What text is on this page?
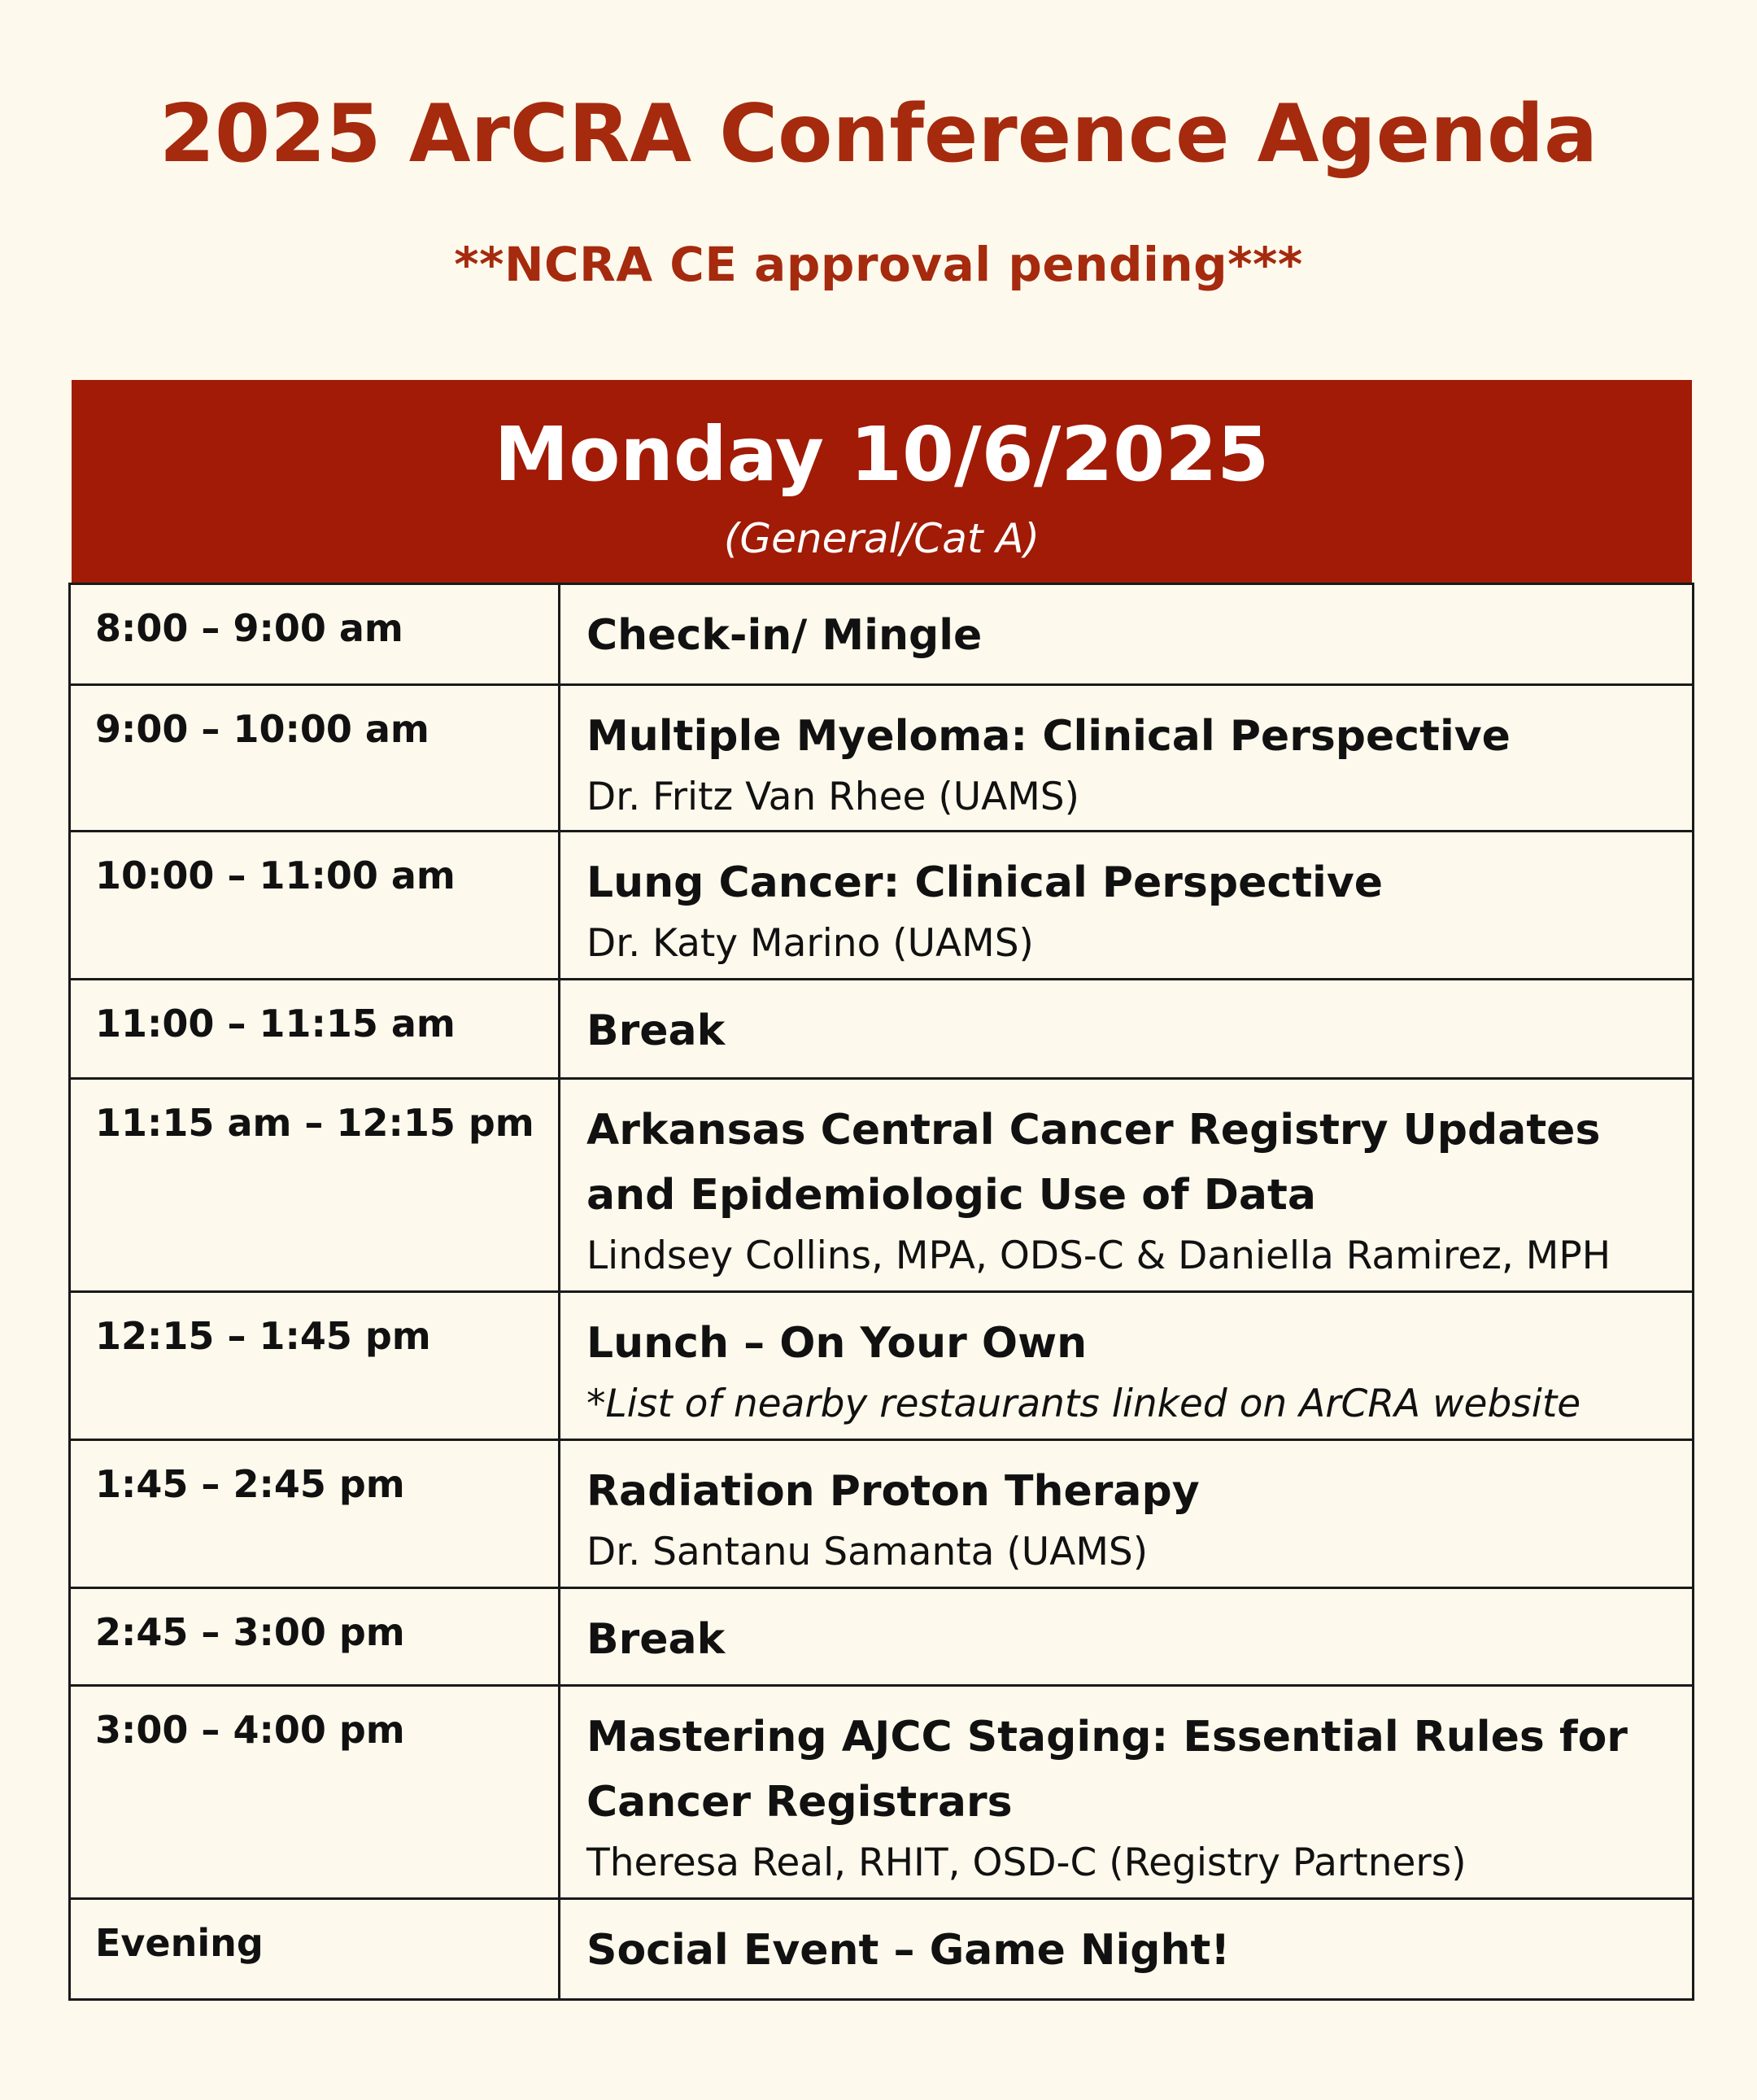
2025 ArCRA Conference Agenda
**NCRA CE approval pending***
Monday 10/6/2025
(General/Cat A)
8:00 – 9:00 am	Check-in/ Mingle

9:00 – 10:00 am	Multiple Myeloma: Clinical Perspective
Dr. Fritz Van Rhee (UAMS)

10:00 – 11:00 am	Lung Cancer: Clinical Perspective
Dr. Katy Marino (UAMS)

11:00 – 11:15 am	Break

11:15 am – 12:15 pm	Arkansas Central Cancer Registry Updates and Epidemiologic Use of Data
Lindsey Collins, MPA, ODS-C & Daniella Ramirez, MPH

12:15 – 1:45 pm	Lunch – On Your Own
*List of nearby restaurants linked on ArCRA website

1:45 – 2:45 pm	Radiation Proton Therapy
Dr. Santanu Samanta (UAMS)

2:45 – 3:00 pm	Break

3:00 – 4:00 pm	Mastering AJCC Staging: Essential Rules for Cancer Registrars
Theresa Real, RHIT, OSD-C (Registry Partners)

Evening	Social Event – Game Night!
